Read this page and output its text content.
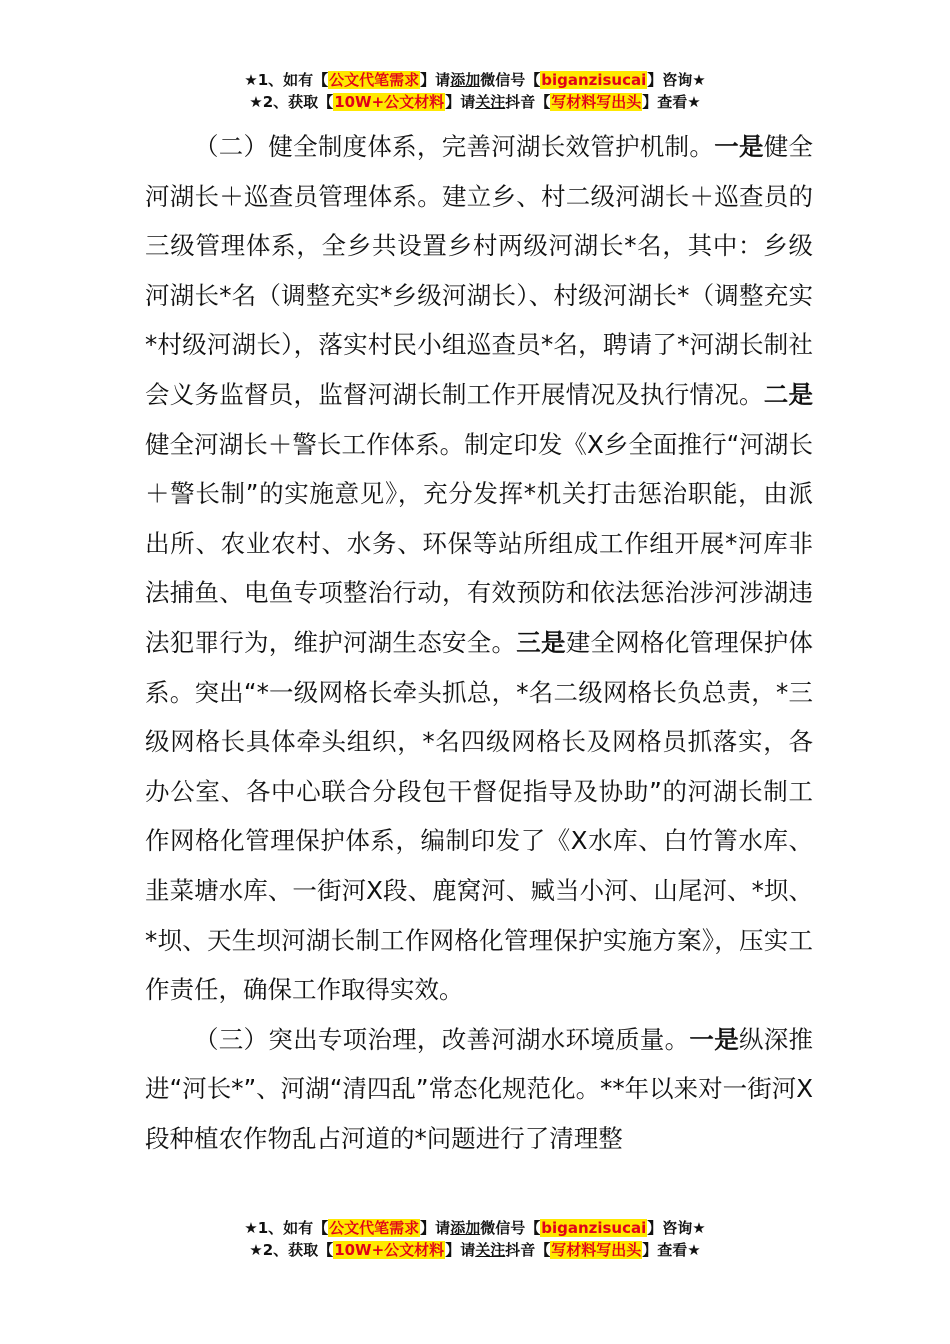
★1、如有【公文代笔需求】请添加微信号【biganzisucai】咨询★
★2、获取【10W+公文材料】请关注抖音【写材料写出头】查看★

（二）健全制度体系，完善河湖长效管护机制。一是健全河湖长＋巡查员管理体系。建立乡、村二级河湖长＋巡查员的三级管理体系，全乡共设置乡村两级河湖长*名，其中：乡级河湖长*名（调整充实*乡级河湖长）、村级河湖长*（调整充实*村级河湖长），落实村民小组巡查员*名，聘请了*河湖长制社会义务监督员，监督河湖长制工作开展情况及执行情况。二是健全河湖长＋警长工作体系。制定印发《X乡全面推行“河湖长＋警长制”的实施意见》，充分发挥*机关打击惩治职能，由派出所、农业农村、水务、环保等站所组成工作组开展*河库非法捕鱼、电鱼专项整治行动，有效预防和依法惩治涉河涉湖违法犯罪行为，维护河湖生态安全。三是建全网格化管理保护体系。突出“*一级网格长牵头抓总，*名二级网格长负总责，*三级网格长具体牵头组织，*名四级网格长及网格员抓落实，各办公室、各中心联合分段包干督促指导及协助”的河湖长制工作网格化管理保护体系，编制印发了《X水库、白竹箐水库、韭菜塘水库、一街河X段、鹿窝河、臧当小河、山尾河、*坝、*坝、天生坝河湖长制工作网格化管理保护实施方案》，压实工作责任，确保工作取得实效。

（三）突出专项治理，改善河湖水环境质量。一是纵深推进“河长*”、河湖“清四乱”常态化规范化。**年以来对一街河X段种植农作物乱占河道的*问题进行了清理整

★1、如有【公文代笔需求】请添加微信号【biganzisucai】咨询★
★2、获取【10W+公文材料】请关注抖音【写材料写出头】查看★
